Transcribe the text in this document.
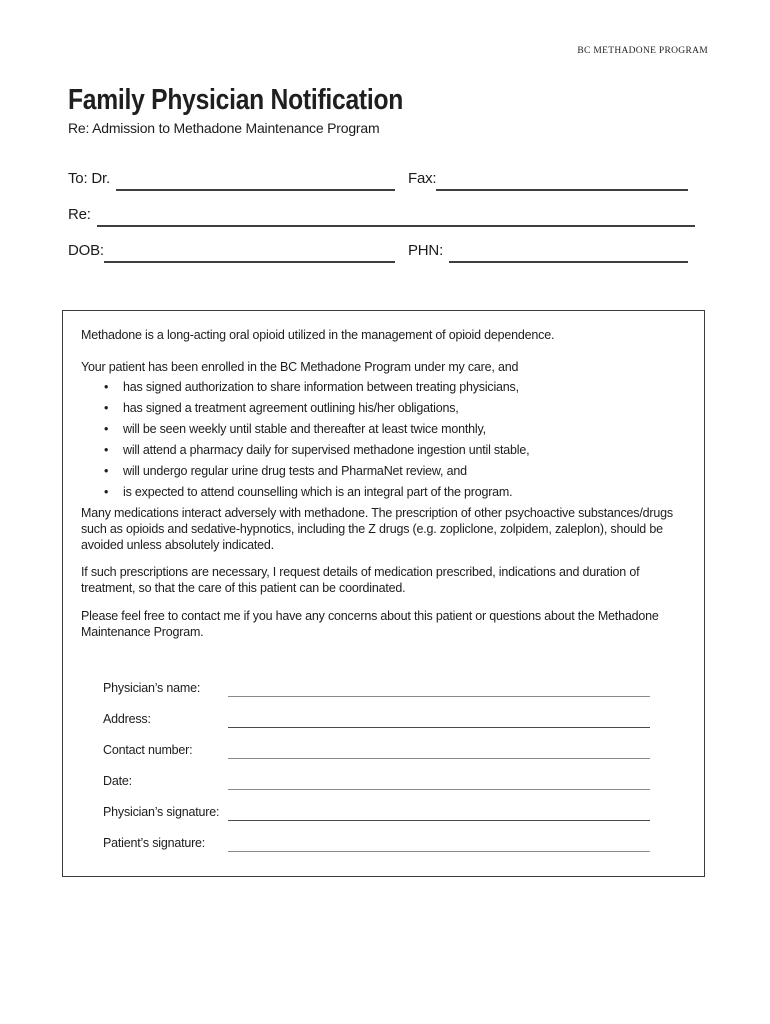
BC METHADONE PROGRAM
Family Physician Notification
Re: Admission to Methadone Maintenance Program
To: Dr.	Fax:
Re:
DOB:	PHN:

Methadone is a long-acting oral opioid utilized in the management of opioid dependence.

Your patient has been enrolled in the BC Methadone Program under my care, and

• has signed authorization to share information between treating physicians,
• has signed a treatment agreement outlining his/her obligations,
• will be seen weekly until stable and thereafter at least twice monthly,
• will attend a pharmacy daily for supervised methadone ingestion until stable,
• will undergo regular urine drug tests and PharmaNet review, and
• is expected to attend counselling which is an integral part of the program.

Many medications interact adversely with methadone. The prescription of other psychoactive substances/drugs such as opioids and sedative-hypnotics, including the Z drugs (e.g. zopliclone, zolpidem, zaleplon), should be avoided unless absolutely indicated.

If such prescriptions are necessary, I request details of medication prescribed, indications and duration of treatment, so that the care of this patient can be coordinated.

Please feel free to contact me if you have any concerns about this patient or questions about the Methadone Maintenance Program.

Physician’s name:
Address:
Contact number:
Date:
Physician’s signature:
Patient’s signature:
